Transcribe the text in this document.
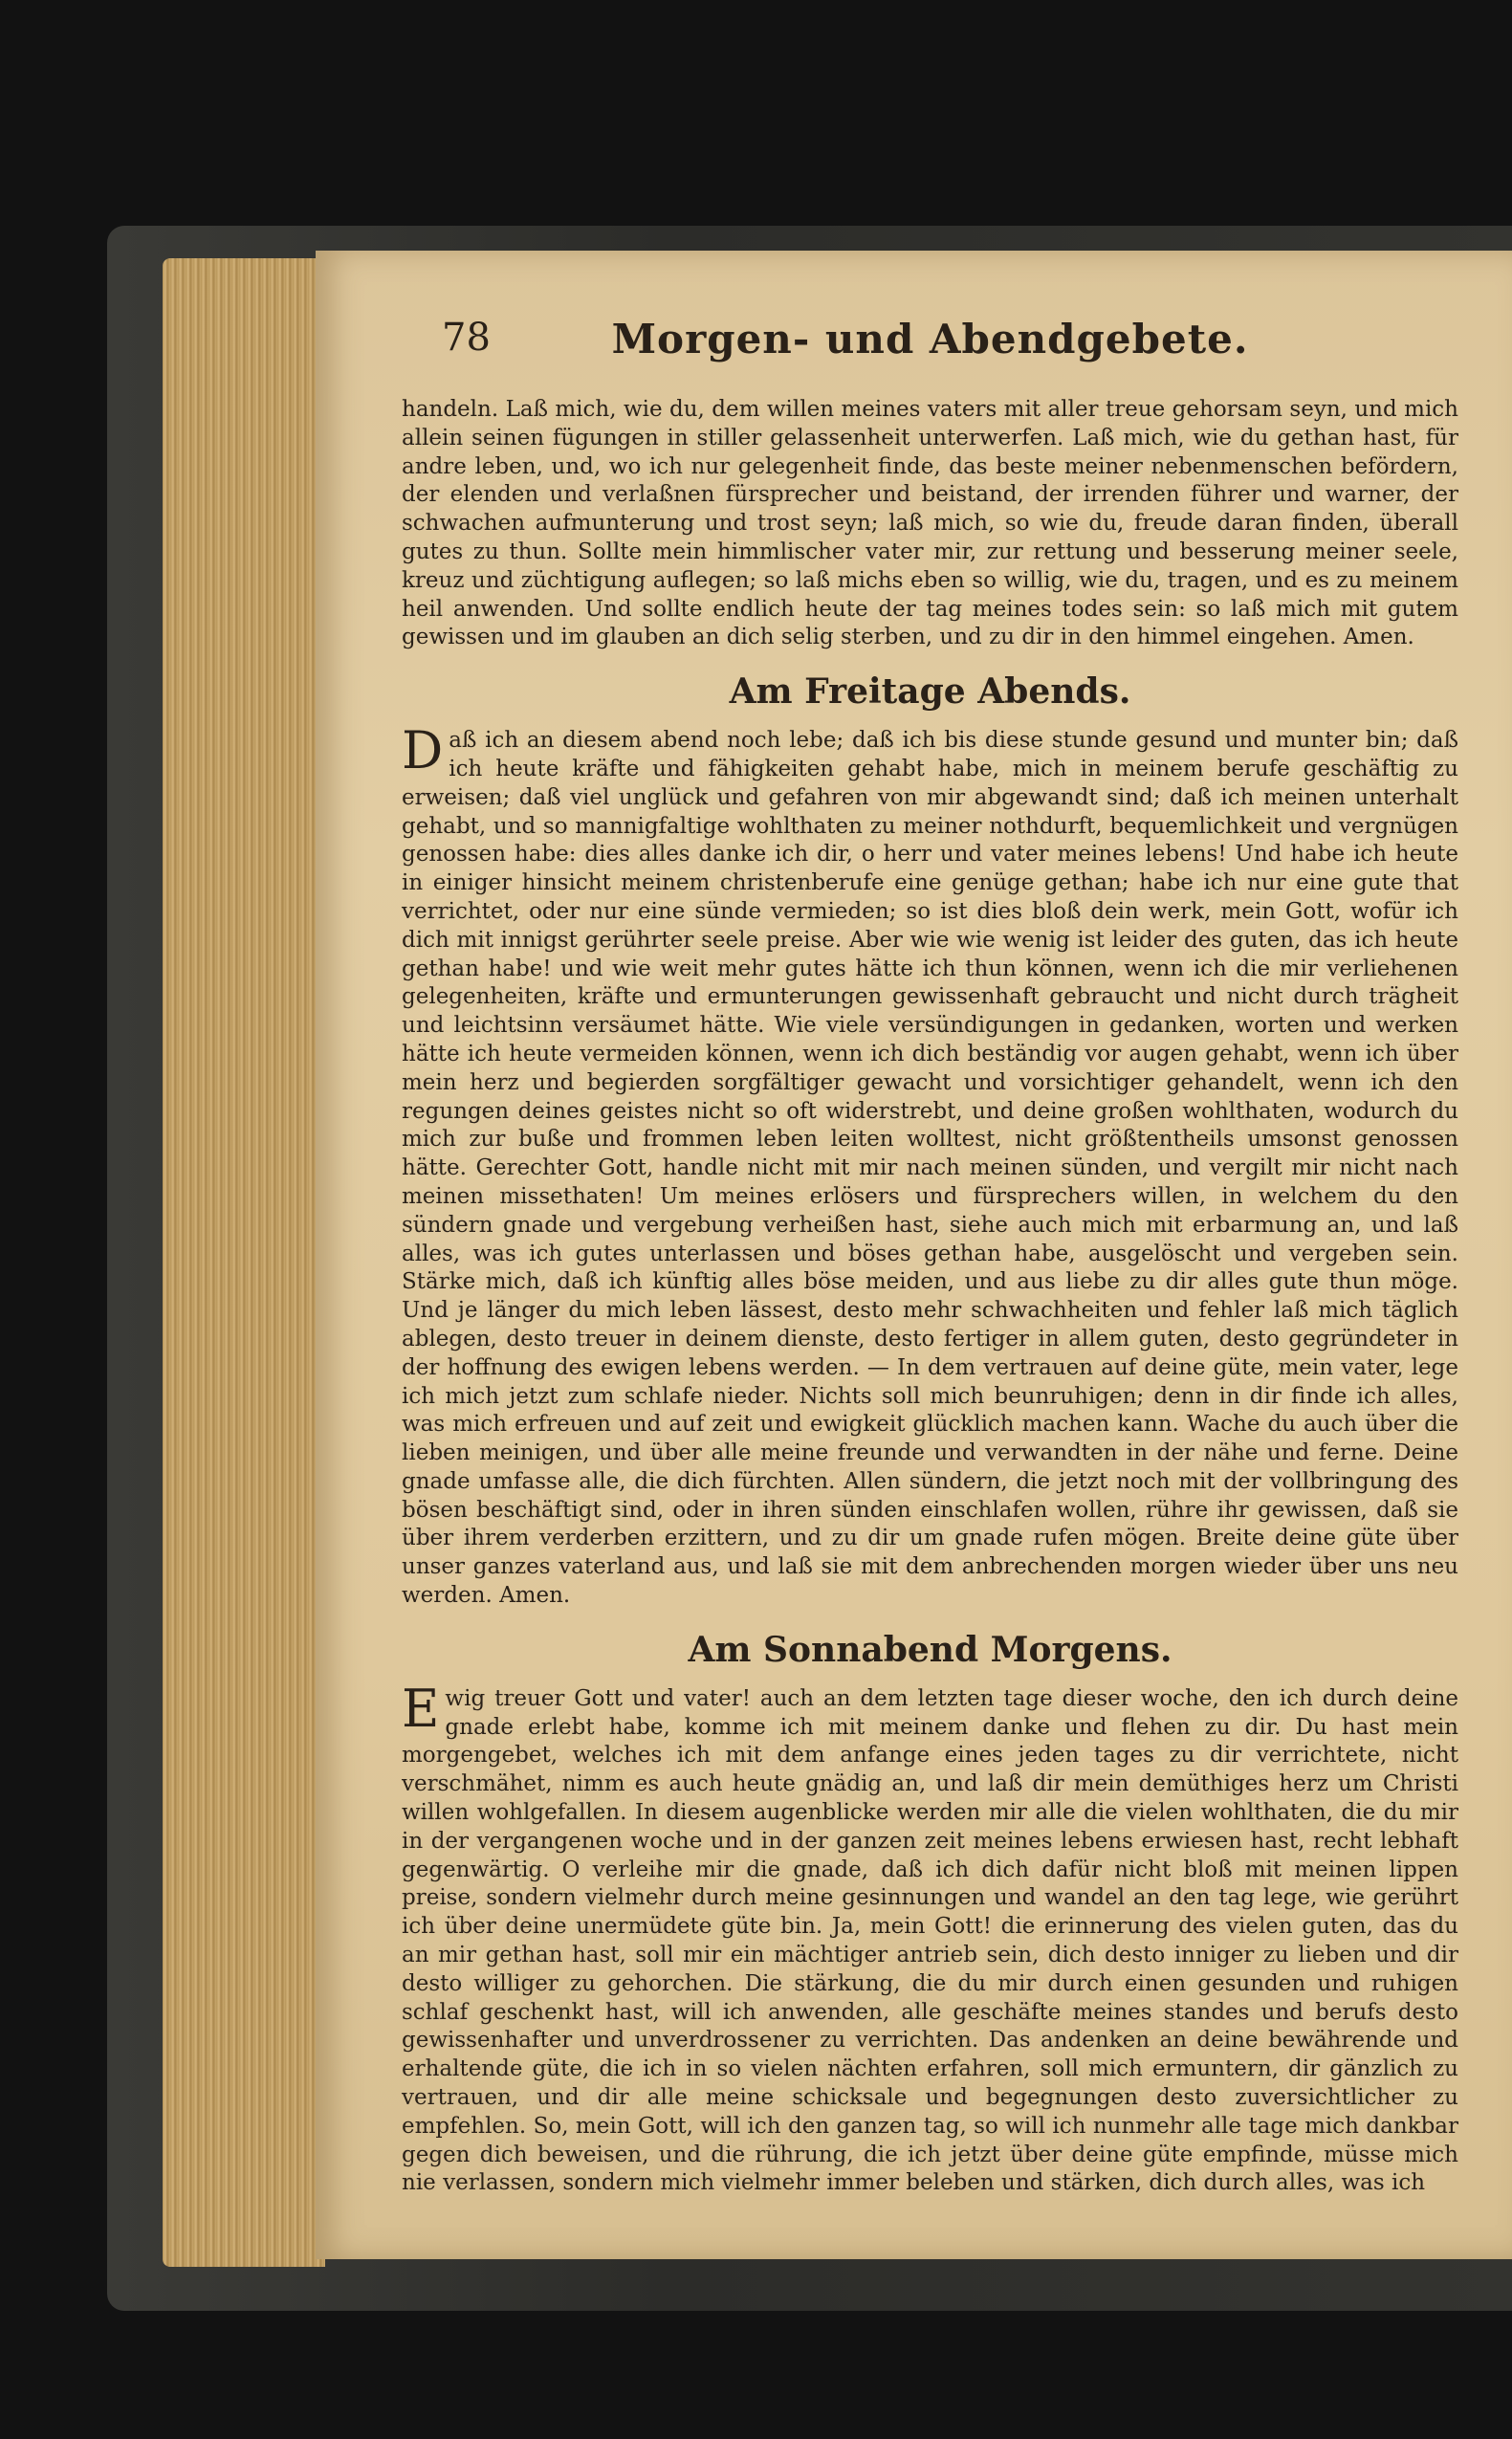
78	Morgen- und Abendgebete.

handeln. Laß mich, wie du, dem willen meines vaters mit aller treue gehorsam seyn, und mich allein seinen fügungen in stiller gelassenheit unterwerfen. Laß mich, wie du gethan hast, für andre leben, und, wo ich nur gelegenheit finde, das beste meiner nebenmenschen befördern, der elenden und verlaßnen fürsprecher und beistand, der irrenden führer und warner, der schwachen aufmunterung und trost seyn; laß mich, so wie du, freude daran finden, überall gutes zu thun. Sollte mein himmlischer vater mir, zur rettung und besserung meiner seele, kreuz und züchtigung auflegen; so laß michs eben so willig, wie du, tragen, und es zu meinem heil anwenden. Und sollte endlich heute der tag meines todes sein: so laß mich mit gutem gewissen und im glauben an dich selig sterben, und zu dir in den himmel eingehen. Amen.

Am Freitage Abends.

Daß ich an diesem abend noch lebe; daß ich bis diese stunde gesund und munter bin; daß ich heute kräfte und fähigkeiten gehabt habe, mich in meinem berufe geschäftig zu erweisen; daß viel unglück und gefahren von mir abgewandt sind; daß ich meinen unterhalt gehabt, und so mannigfaltige wohlthaten zu meiner nothdurft, bequemlichkeit und vergnügen genossen habe: dies alles danke ich dir, o herr und vater meines lebens! Und habe ich heute in einiger hinsicht meinem christenberufe eine genüge gethan; habe ich nur eine gute that verrichtet, oder nur eine sünde vermieden; so ist dies bloß dein werk, mein Gott, wofür ich dich mit innigst gerührter seele preise. Aber wie wie wenig ist leider des guten, das ich heute gethan habe! und wie weit mehr gutes hätte ich thun können, wenn ich die mir verliehenen gelegenheiten, kräfte und ermunterungen gewissenhaft gebraucht und nicht durch trägheit und leichtsinn versäumet hätte. Wie viele versündigungen in gedanken, worten und werken hätte ich heute vermeiden können, wenn ich dich beständig vor augen gehabt, wenn ich über mein herz und begierden sorgfältiger gewacht und vorsichtiger gehandelt, wenn ich den regungen deines geistes nicht so oft widerstrebt, und deine großen wohlthaten, wodurch du mich zur buße und frommen leben leiten wolltest, nicht größtentheils umsonst genossen hätte. Gerechter Gott, handle nicht mit mir nach meinen sünden, und vergilt mir nicht nach meinen missethaten! Um meines erlösers und fürsprechers willen, in welchem du den sündern gnade und vergebung verheißen hast, siehe auch mich mit erbarmung an, und laß alles, was ich gutes unterlassen und böses gethan habe, ausgelöscht und vergeben sein. Stärke mich, daß ich künftig alles böse meiden, und aus liebe zu dir alles gute thun möge. Und je länger du mich leben lässest, desto mehr schwachheiten und fehler laß mich täglich ablegen, desto treuer in deinem dienste, desto fertiger in allem guten, desto gegründeter in der hoffnung des ewigen lebens werden. — In dem vertrauen auf deine güte, mein vater, lege ich mich jetzt zum schlafe nieder. Nichts soll mich beunruhigen; denn in dir finde ich alles, was mich erfreuen und auf zeit und ewigkeit glücklich machen kann. Wache du auch über die lieben meinigen, und über alle meine freunde und verwandten in der nähe und ferne. Deine gnade umfasse alle, die dich fürchten. Allen sündern, die jetzt noch mit der vollbringung des bösen beschäftigt sind, oder in ihren sünden einschlafen wollen, rühre ihr gewissen, daß sie über ihrem verderben erzittern, und zu dir um gnade rufen mögen. Breite deine güte über unser ganzes vaterland aus, und laß sie mit dem anbrechenden morgen wieder über uns neu werden. Amen.

Am Sonnabend Morgens.

Ewig treuer Gott und vater! auch an dem letzten tage dieser woche, den ich durch deine gnade erlebt habe, komme ich mit meinem danke und flehen zu dir. Du hast mein morgengebet, welches ich mit dem anfange eines jeden tages zu dir verrichtete, nicht verschmähet, nimm es auch heute gnädig an, und laß dir mein demüthiges herz um Christi willen wohlgefallen. In diesem augenblicke werden mir alle die vielen wohlthaten, die du mir in der vergangenen woche und in der ganzen zeit meines lebens erwiesen hast, recht lebhaft gegenwärtig. O verleihe mir die gnade, daß ich dich dafür nicht bloß mit meinen lippen preise, sondern vielmehr durch meine gesinnungen und wandel an den tag lege, wie gerührt ich über deine unermüdete güte bin. Ja, mein Gott! die erinnerung des vielen guten, das du an mir gethan hast, soll mir ein mächtiger antrieb sein, dich desto inniger zu lieben und dir desto williger zu gehorchen. Die stärkung, die du mir durch einen gesunden und ruhigen schlaf geschenkt hast, will ich anwenden, alle geschäfte meines standes und berufs desto gewissenhafter und unverdrossener zu verrichten. Das andenken an deine bewährende und erhaltende güte, die ich in so vielen nächten erfahren, soll mich ermuntern, dir gänzlich zu vertrauen, und dir alle meine schicksale und begegnungen desto zuversichtlicher zu empfehlen. So, mein Gott, will ich den ganzen tag, so will ich nunmehr alle tage mich dankbar gegen dich beweisen, und die rührung, die ich jetzt über deine güte empfinde, müsse mich nie verlassen, sondern mich vielmehr immer beleben und stärken, dich durch alles, was ich
